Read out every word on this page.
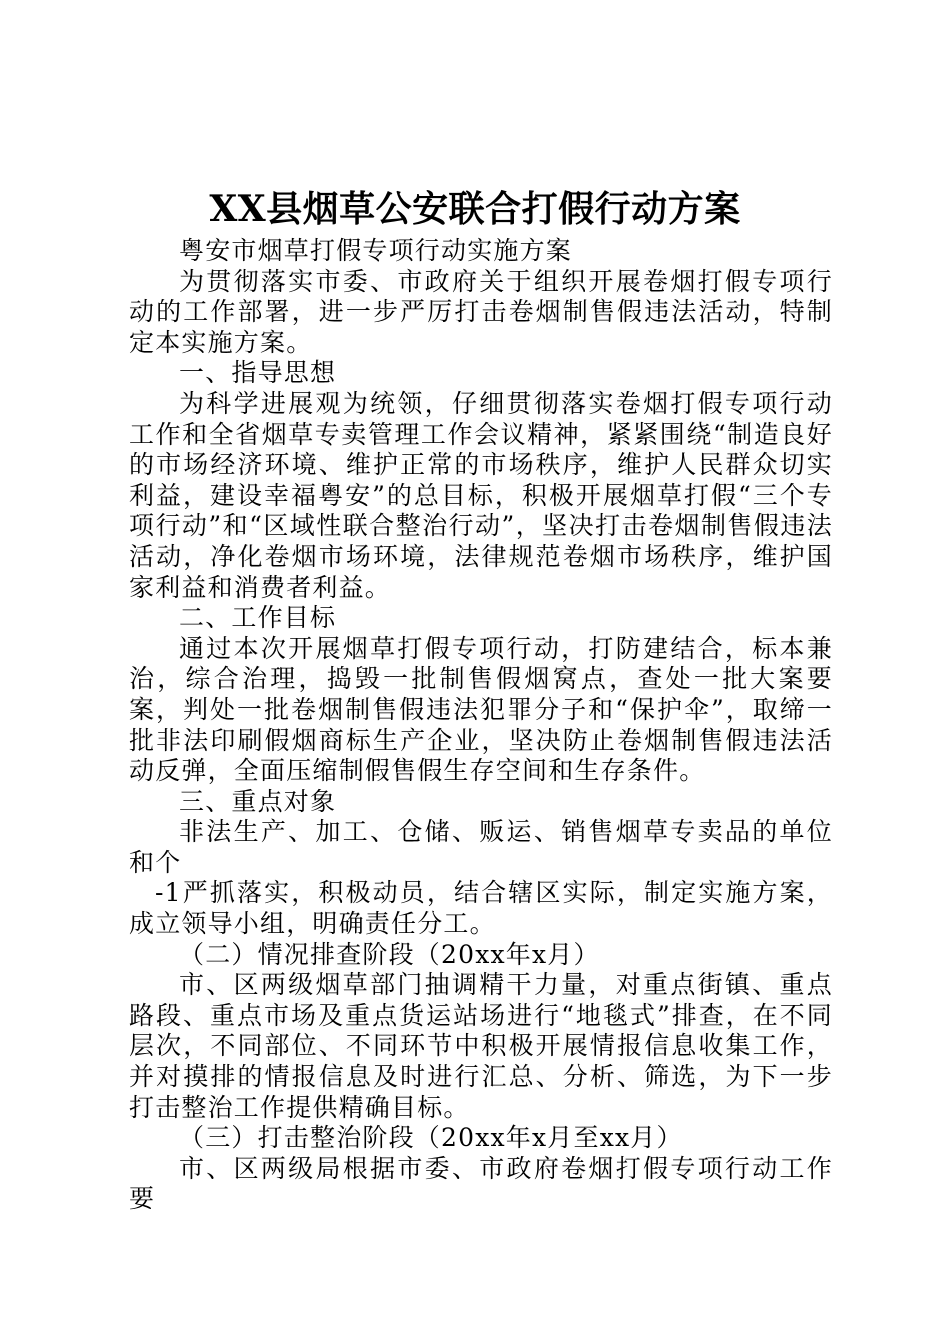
XX县烟草公安联合打假行动方案

粤安市烟草打假专项行动实施方案

为贯彻落实市委、市政府关于组织开展卷烟打假专项行动的工作部署，进一步严厉打击卷烟制售假违法活动，特制定本实施方案。

一、指导思想

为科学进展观为统领，仔细贯彻落实卷烟打假专项行动工作和全省烟草专卖管理工作会议精神，紧紧围绕“制造良好的市场经济环境、维护正常的市场秩序，维护人民群众切实利益，建设幸福粤安”的总目标，积极开展烟草打假“三个专项行动”和“区域性联合整治行动”，坚决打击卷烟制售假违法活动，净化卷烟市场环境，法律规范卷烟市场秩序，维护国家利益和消费者利益。

二、工作目标

通过本次开展烟草打假专项行动，打防建结合，标本兼治，综合治理，捣毁一批制售假烟窝点，查处一批大案要案，判处一批卷烟制售假违法犯罪分子和“保护伞”，取缔一批非法印刷假烟商标生产企业，坚决防止卷烟制售假违法活动反弹，全面压缩制假售假生存空间和生存条件。

三、重点对象

非法生产、加工、仓储、贩运、销售烟草专卖品的单位和个

-1严抓落实，积极动员，结合辖区实际，制定实施方案，成立领导小组，明确责任分工。

（二）情况排查阶段（20xx年x月）

市、区两级烟草部门抽调精干力量，对重点街镇、重点路段、重点市场及重点货运站场进行“地毯式”排查，在不同层次，不同部位、不同环节中积极开展情报信息收集工作，并对摸排的情报信息及时进行汇总、分析、筛选，为下一步打击整治工作提供精确目标。

（三）打击整治阶段（20xx年x月至xx月）

市、区两级局根据市委、市政府卷烟打假专项行动工作要
